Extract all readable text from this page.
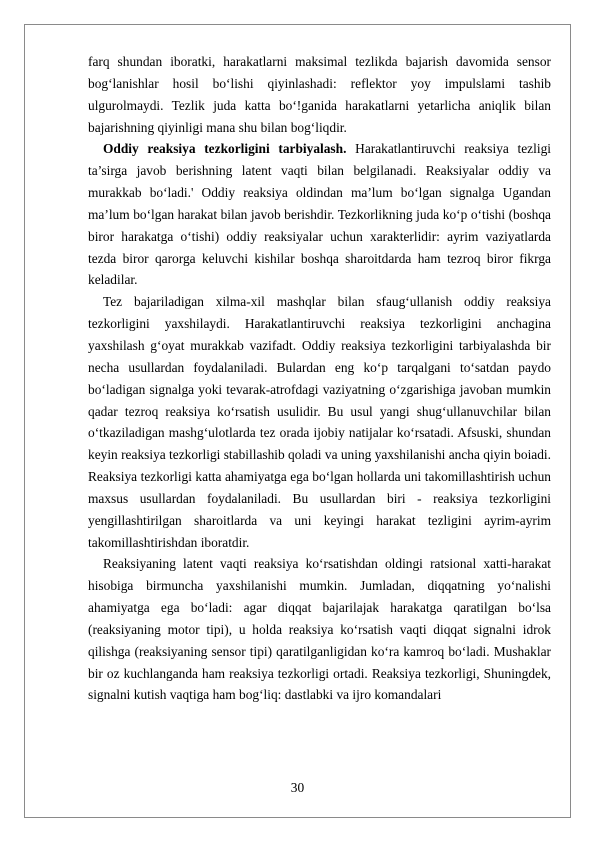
farq shundan iboratki, harakatlarni maksimal tezlikda bajarish davomida sensor bog‘lanishlar hosil bo‘lishi qiyinlashadi: reflektor yoy impulslami tashib ulgurolmaydi. Tezlik juda katta bo‘!ganida harakatlarni yetarlicha aniqlik bilan bajarishning qiyinligi mana shu bilan bog‘liqdir.

Oddiy reaksiya tezkorligini tarbiyalash. Harakatlantiruvchi reaksiya tezligi ta’sirga javob berishning latent vaqti bilan belgilanadi. Reaksiyalar oddiy va murakkab bo‘ladi.' Oddiy reaksiya oldindan ma’lum bo‘lgan signalga Ugandan ma’lum bo‘lgan harakat bilan javob berishdir. Tezkorlikning juda ko‘p o‘tishi (boshqa biror harakatga o‘tishi) oddiy reaksiyalar uchun xarakterlidir: ayrim vaziyatlarda tezda biror qarorga keluvchi kishilar boshqa sharoitdarda ham tezroq biror fikrga keladilar.

Tez bajariladigan xilma-xil mashqlar bilan sfaug‘ullanish oddiy reaksiya tezkorligini yaxshilaydi. Harakatlantiruvchi reaksiya tezkorligini anchagina yaxshilash g‘oyat murakkab vazifadt. Oddiy reaksiya tezkorligini tarbiyalashda bir necha usullardan foydalaniladi. Bulardan eng ko‘p tarqalgani to‘satdan paydo bo‘ladigan signalga yoki tevarak-atrofdagi vaziyatning o‘zgarishiga javoban mumkin qadar tezroq reaksiya ko‘rsatish usulidir. Bu usul yangi shug‘ullanuvchilar bilan o‘tkaziladigan mashg‘ulotlarda tez orada ijobiy natijalar ko‘rsatadi. Afsuski, shundan keyin reaksiya tezkorligi stabillashib qoladi va uning yaxshilanishi ancha qiyin boiadi. Reaksiya tezkorligi katta ahamiyatga ega bo‘lgan hollarda uni takomillashtirish uchun maxsus usullardan foydalaniladi. Bu usullardan biri - reaksiya tezkorligini yengillashtirilgan sharoitlarda va uni keyingi harakat tezligini ayrim-ayrim takomillashtirishdan iboratdir.

Reaksiyaning latent vaqti reaksiya ko‘rsatishdan oldingi ratsional xatti-harakat hisobiga birmuncha yaxshilanishi mumkin. Jumladan, diqqatning yo‘nalishi ahamiyatga ega bo‘ladi: agar diqqat bajarilajak harakatga qaratilgan bo‘lsa (reaksiyaning motor tipi), u holda reaksiya ko‘rsatish vaqti diqqat signalni idrok qilishga (reaksiyaning sensor tipi) qaratilganligidan ko‘ra kamroq bo‘ladi. Mushaklar bir oz kuchlanganda ham reaksiya tezkorligi ortadi. Reaksiya tezkorligi, Shuningdek, signalni kutish vaqtiga ham bog‘liq: dastlabki va ijro komandalari

30
